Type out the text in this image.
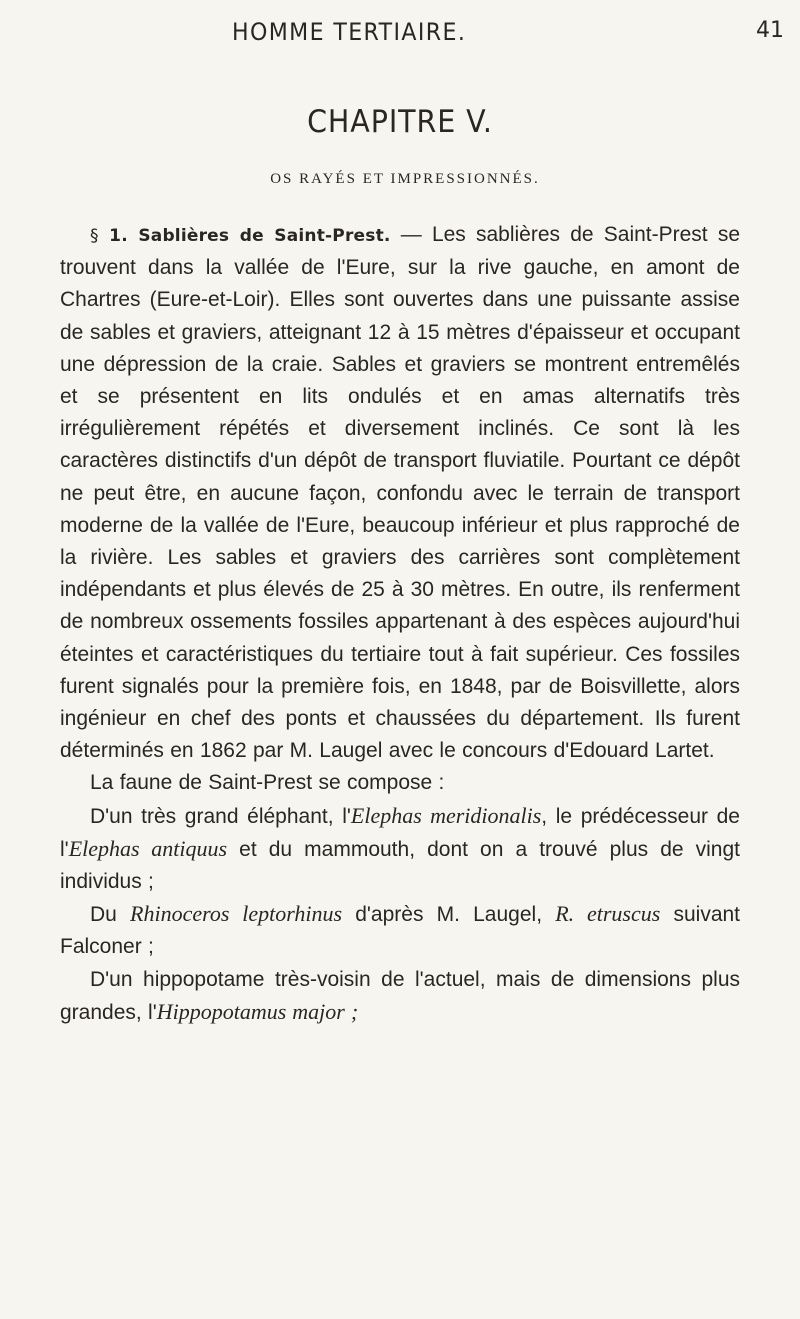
HOMME TERTIAIRE.	41
CHAPITRE V.
OS RAYÉS ET IMPRESSIONNÉS.

§ 1. Sablières de Saint-Prest. — Les sablières de Saint-Prest se trouvent dans la vallée de l'Eure, sur la rive gauche, en amont de Chartres (Eure-et-Loir). Elles sont ouvertes dans une puissante assise de sables et graviers, atteignant 12 à 15 mètres d'épaisseur et occupant une dépression de la craie. Sables et graviers se montrent entremêlés et se présentent en lits ondulés et en amas alternatifs très irrégulièrement répétés et diversement inclinés. Ce sont là les caractères distinctifs d'un dépôt de transport fluviatile. Pourtant ce dépôt ne peut être, en aucune façon, confondu avec le terrain de transport moderne de la vallée de l'Eure, beaucoup inférieur et plus rapproché de la rivière. Les sables et graviers des carrières sont complètement indépendants et plus élevés de 25 à 30 mètres. En outre, ils renferment de nombreux ossements fossiles appartenant à des espèces aujourd'hui éteintes et caractéristiques du tertiaire tout à fait supérieur. Ces fossiles furent signalés pour la première fois, en 1848, par de Boisvillette, alors ingénieur en chef des ponts et chaussées du département. Ils furent déterminés en 1862 par M. Laugel avec le concours d'Edouard Lartet.

La faune de Saint-Prest se compose :

D'un très grand éléphant, l'Elephas meridionalis, le prédécesseur de l'Elephas antiquus et du mammouth, dont on a trouvé plus de vingt individus ;

Du Rhinoceros leptorhinus d'après M. Laugel, R. etruscus suivant Falconer ;

D'un hippopotame très-voisin de l'actuel, mais de dimensions plus grandes, l'Hippopotamus major ;
